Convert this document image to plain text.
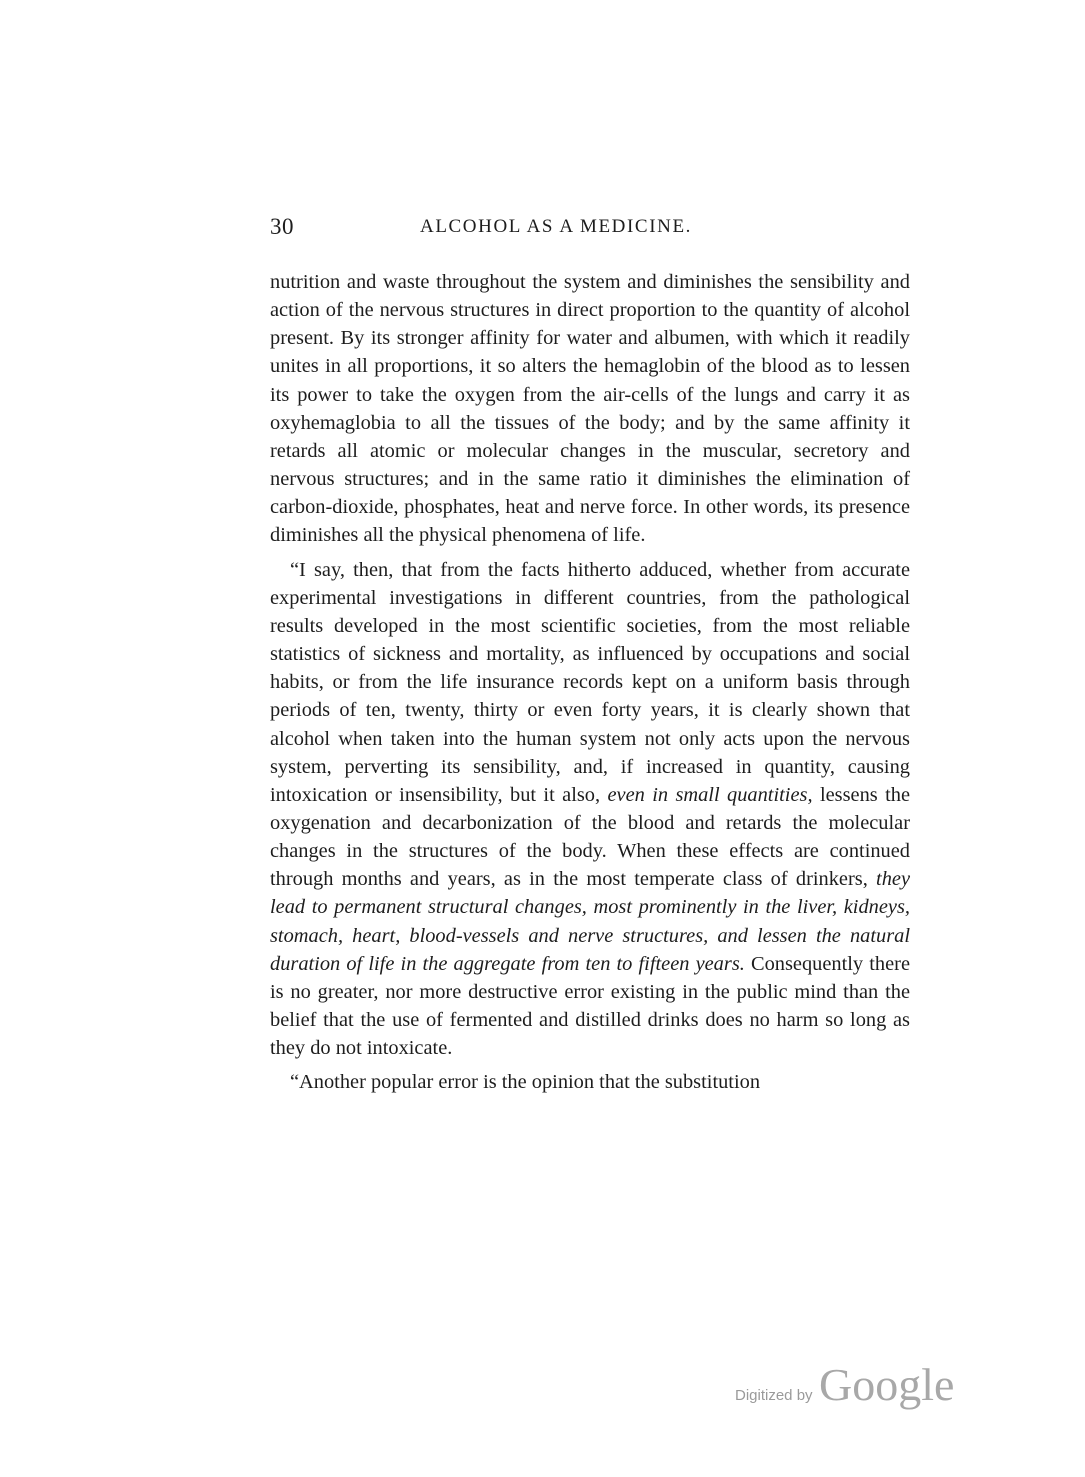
30	ALCOHOL AS A MEDICINE.

nutrition and waste throughout the system and diminishes the sensibility and action of the nervous structures in direct proportion to the quantity of alcohol present. By its stronger affinity for water and albumen, with which it readily unites in all proportions, it so alters the hemaglobin of the blood as to lessen its power to take the oxygen from the air-cells of the lungs and carry it as oxyhemaglobia to all the tissues of the body; and by the same affinity it retards all atomic or molecular changes in the muscular, secretory and nervous structures; and in the same ratio it diminishes the elimination of carbon-dioxide, phosphates, heat and nerve force. In other words, its presence diminishes all the physical phenomena of life.

“I say, then, that from the facts hitherto adduced, whether from accurate experimental investigations in different countries, from the pathological results developed in the most scientific societies, from the most reliable statistics of sickness and mortality, as influenced by occupations and social habits, or from the life insurance records kept on a uniform basis through periods of ten, twenty, thirty or even forty years, it is clearly shown that alcohol when taken into the human system not only acts upon the nervous system, perverting its sensibility, and, if increased in quantity, causing intoxication or insensibility, but it also, even in small quantities, lessens the oxygenation and decarbonization of the blood and retards the molecular changes in the structures of the body. When these effects are continued through months and years, as in the most temperate class of drinkers, they lead to permanent structural changes, most prominently in the liver, kidneys, stomach, heart, blood-vessels and nerve structures, and lessen the natural duration of life in the aggregate from ten to fifteen years. Consequently there is no greater, nor more destructive error existing in the public mind than the belief that the use of fermented and distilled drinks does no harm so long as they do not intoxicate.

“Another popular error is the opinion that the substitution

Digitized by Google
